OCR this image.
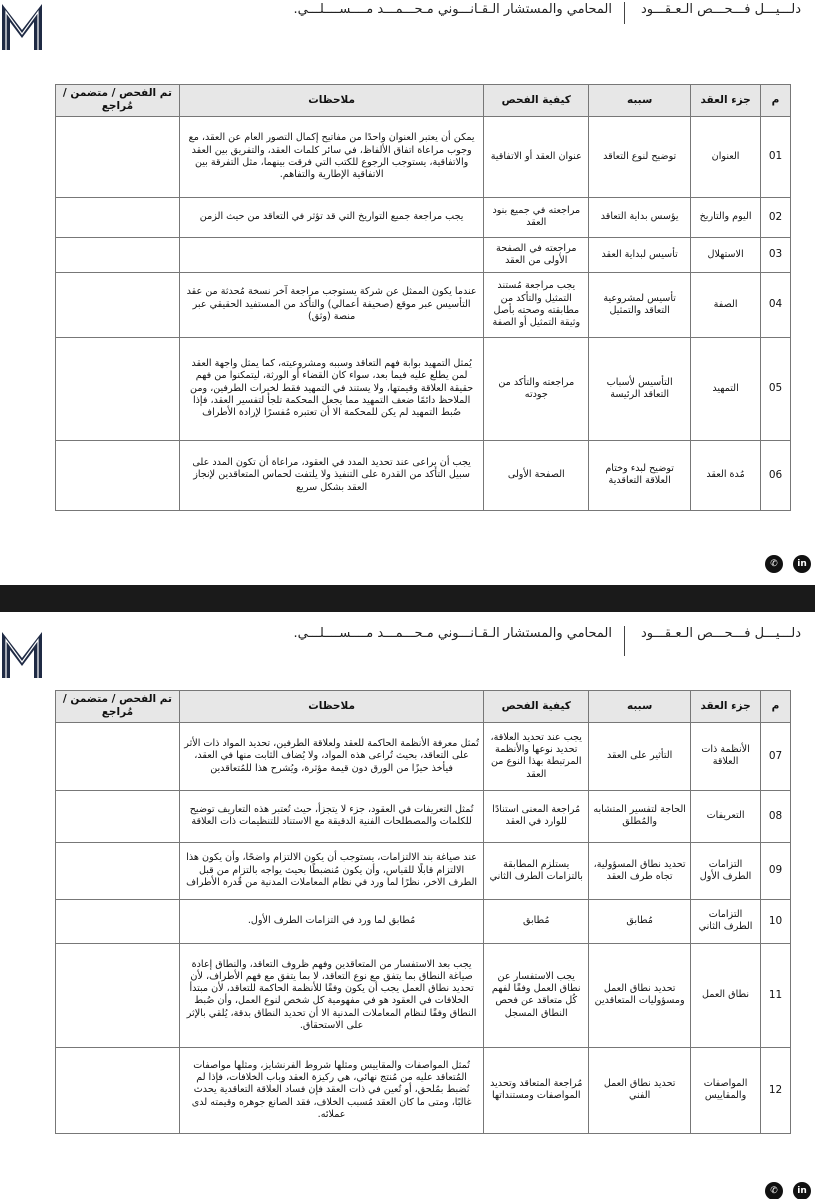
دلـــيـــل فـــحـــص الـعـقـــود
المحامي والمستشار الـقـانـــوني مـحـــمـــد مــــســــلـــي.
م	جزء العقد	سببه	كيفية الفحص	ملاحظات	تم الفحص / متضمن / مُراجع
01	العنوان	توضيح لنوع التعاقد	عنوان العقد أو الاتفاقية	يمكن أن يعتبر العنوان واحدًا من مفاتيح إكمال التصور العام عن العقد، مع وجوب مراعاة اتفاق الألفاظ، في سائر كلمات العقد، والتفريق بين العقد والاتفاقية، يستوجب الرجوع للكتب التي فرقت بينهما، مثل التفرقة بين الاتفاقية الإطارية والتفاهم.	
02	اليوم والتاريخ	يؤسس بداية التعاقد	مراجعته في جميع بنود العقد	يجب مراجعة جميع التواريخ التي قد تؤثر في التعاقد من حيث الزمن	
03	الاستهلال	تأسيس لبداية العقد	مراجعته في الصفحة الأولى من العقد		
04	الصفة	تأسيس لمشروعية التعاقد والتمثيل	يجب مراجعة مُستند التمثيل والتأكد من مطابقته وصحته بأصل وثيقة التمثيل أو الصفة	عندما يكون الممثل عن شركة يستوجب مراجعة آخر نسخة مُحدثة من عقد التأسيس عبر موقع (صحيفة أعمالي) والتأكد من المستفيد الحقيقي عبر منصة (وثق)	
05	التمهيد	التأسيس لأسباب التعاقد الرئيسة	مراجعته والتأكد من جودته	يُمثل التمهيد بوابة فهم التعاقد وسببه ومشروعيته، كما يمثل واجهة العقد لمن يطلع عليه فيما بعد، سواء كان القضاء أو الورثة، ليتمكنوا من فهم حقيقة العلاقة وقيمتها، ولا يستند في التمهيد فقط لخبرات الطرفين، ومن الملاحظ دائمًا ضعف التمهيد مما يجعل المحكمة تلجأ لتفسير العقد، فإذا ضُبط التمهيد لم يكن للمحكمة الا أن تعتبره مُفسرًا لإرادة الأطراف	
06	مُدة العقد	توضيح لبدء وختام العلاقة التعاقدية	الصفحة الأولى	يجب أن يراعى عند تحديد المدد في العقود، مراعاة أن تكون المدد على سبيل التأكد من القدرة على التنفيذ ولا يلتفت لحماس المتعاقدين لإنجاز العقد بشكل سريع	
✆	in
دلـــيـــل فـــحـــص الـعـقـــود
المحامي والمستشار الـقـانـــوني مـحـــمـــد مــــســــلـــي.
م	جزء العقد	سببه	كيفية الفحص	ملاحظات	تم الفحص / متضمن / مُراجع
07	الأنظمة ذات العلاقة	التأثير على العقد	يجب عند تحديد العلاقة، تحديد نوعها والأنظمة المرتبطة بهذا النوع من العقد	تُمثل معرفة الأنظمة الحاكمة للعقد ولعلاقة الطرفين، تحديد المواد ذات الأثر على التعاقد، بحيث تُراعى هذه المواد، ولا يُضاف الثابت منها في العقد، فيأخذ حيزًا من الورق دون قيمة مؤثرة، ويُشرح هذا للمُتعاقدين	
08	التعريفات	الحاجة لتفسير المتشابه والمُطلق	مُراجعة المعنى استنادًا للوارد في العقد	تُمثل التعريفات في العقود، جزء لا يتجزأ، حيث تُعتبر هذه التعاريف توضيح للكلمات والمصطلحات الفنية الدقيقة مع الاستناد للتنظيمات ذات العلاقة	
09	التزامات الطرف الأول	تحديد نطاق المسؤولية، تجاه طرف العقد	يستلزم المطابقة بالتزامات الطرف الثاني	عند صياغة بند الالتزامات، يستوجب أن يكون الالتزام واضحًا، وأن يكون هذا الالتزام قابلًا للقياس، وأن يكون مُنضبطًا بحيث يواجه بالتزام من قبل الطرف الاخر، نظرًا لما ورد في نظام المعاملات المدنية من قُدرة الأطراف	
10	التزامات الطرف الثاني	مُطابق	مُطابق	مُطابق لما ورد في التزامات الطرف الأول.	
11	نطاق العمل	تحديد نطاق العمل ومسؤوليات المتعاقدين	يجب الاستفسار عن نطاق العمل وفقًا لفهم كُل متعاقد عن فحص النطاق المسجل	يجب بعد الاستفسار من المتعاقدين وفهم ظروف التعاقد، والنطاق إعادة صياغة النطاق بما يتفق مع نوع التعاقد، لا بما يتفق مع فهم الأطراف، لأن تحديد نطاق العمل يجب أن يكون وفقًا للأنظمة الحاكمة للتعاقد، لأن مبتدأ الخلافات في العقود هو في مفهومية كل شخص لنوع العمل، وأن ضُبط النطاق وفقًا لنظام المعاملات المدنية الا أن تحديد النطاق بدقة، يُلقي بالإثر على الاستحقاق.	
12	المواصفات والمقاييس	تحديد نطاق العمل الفني	مُراجعة المتعاقد وتحديد المواصفات ومستنداتها	تُمثل المواصفات والمقاييس ومثلها شروط الفرنشايز، ومثلها مواصفات المُتعاقد عليه من مُنتج نهائي، هي ركيزة العقد وباب الخلافات، فإذا لم تُضبط بمُلحق، أو تُعين في ذات العقد فإن فساد العلاقة التعاقدية يحدث غالبًا، ومتى ما كان العقد مُسبب الخلاف، فقد الصانع جوهره وقيمته لدى عملائه.	
✆	in
